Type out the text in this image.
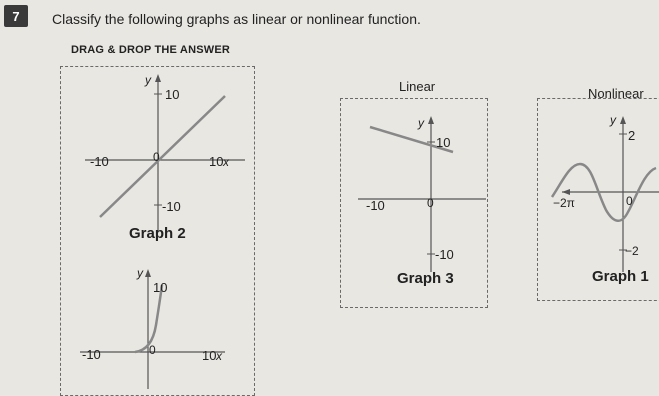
7	Classify the following graphs as linear or nonlinear function.
DRAG & DROP THE ANSWER
Linear	Nonlinear
y
10
-10	0	10 x
-10
Graph 2
y
10
-10	0	10 x
y
10
-10	0
-10
Graph 3
y
2
−2π	0
−2
Graph 1
